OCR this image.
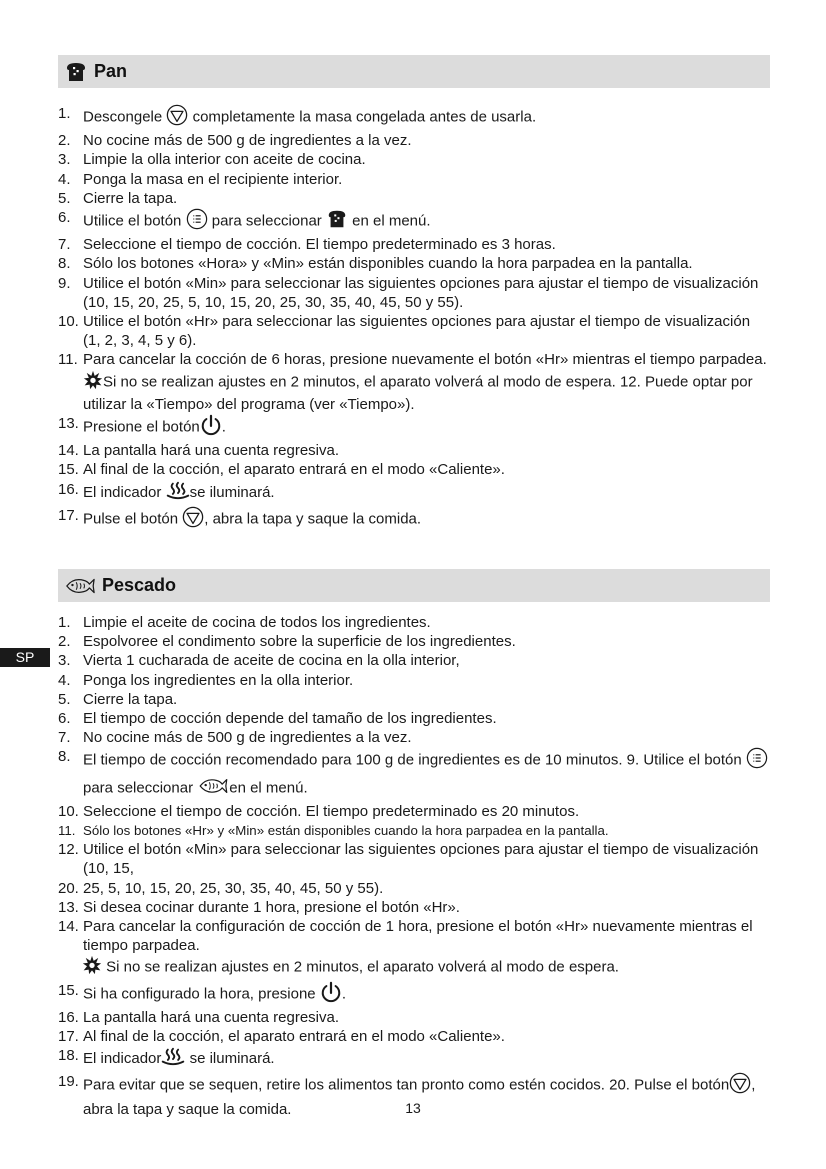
Pan
1. Descongele completamente la masa congelada antes de usarla.
2. No cocine más de 500 g de ingredientes a la vez.
3. Limpie la olla interior con aceite de cocina.
4. Ponga la masa en el recipiente interior.
5. Cierre la tapa.
6. Utilice el botón para seleccionar en el menú.
7. Seleccione el tiempo de cocción. El tiempo predeterminado es 3 horas.
8. Sólo los botones «Hora» y «Min» están disponibles cuando la hora parpadea en la pantalla.
9. Utilice el botón «Min» para seleccionar las siguientes opciones para ajustar el tiempo de visualización (10, 15, 20, 25, 5, 10, 15, 20, 25, 30, 35, 40, 45, 50 y 55).
10. Utilice el botón «Hr» para seleccionar las siguientes opciones para ajustar el tiempo de visualización (1, 2, 3, 4, 5 y 6).
11. Para cancelar la cocción de 6 horas, presione nuevamente el botón «Hr» mientras el tiempo parpadea. Si no se realizan ajustes en 2 minutos, el aparato volverá al modo de espera. 12. Puede optar por utilizar la «Tiempo» del programa (ver «Tiempo»).
13. Presione el botón .
14. La pantalla hará una cuenta regresiva.
15. Al final de la cocción, el aparato entrará en el modo «Caliente».
16. El indicador se iluminará.
17. Pulse el botón , abra la tapa y saque la comida.
Pescado
SP
1. Limpie el aceite de cocina de todos los ingredientes.
2. Espolvoree el condimento sobre la superficie de los ingredientes.
3. Vierta 1 cucharada de aceite de cocina en la olla interior,
4. Ponga los ingredientes en la olla interior.
5. Cierre la tapa.
6. El tiempo de cocción depende del tamaño de los ingredientes.
7. No cocine más de 500 g de ingredientes a la vez.
8. El tiempo de cocción recomendado para 100 g de ingredientes es de 10 minutos. 9. Utilice el botón  para seleccionar en el menú.
10. Seleccione el tiempo de cocción. El tiempo predeterminado es 20 minutos.
11. Sólo los botones «Hr» y «Min» están disponibles cuando la hora parpadea en la pantalla.
12. Utilice el botón «Min» para seleccionar las siguientes opciones para ajustar el tiempo de visualización (10, 15,
20. 25, 5, 10, 15, 20, 25, 30, 35, 40, 45, 50 y 55).
13. Si desea cocinar durante 1 hora, presione el botón «Hr».
14. Para cancelar la configuración de cocción de 1 hora, presione el botón «Hr» nuevamente mientras el tiempo parpadea.
Si no se realizan ajustes en 2 minutos, el aparato volverá al modo de espera.
15. Si ha configurado la hora, presione .
16. La pantalla hará una cuenta regresiva.
17. Al final de la cocción, el aparato entrará en el modo «Caliente».
18. El indicador se iluminará.
19. Para evitar que se sequen, retire los alimentos tan pronto como estén cocidos. 20. Pulse el botón , abra la tapa y saque la comida.	13
